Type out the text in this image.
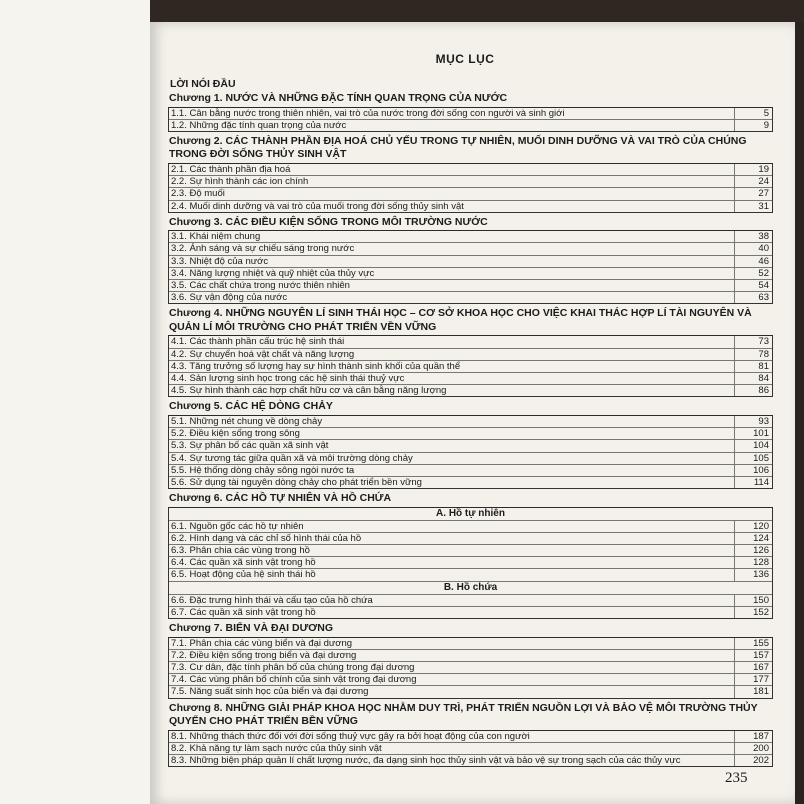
MỤC LỤC
LỜI NÓI ĐẦU
Chương 1. NƯỚC VÀ NHỮNG ĐẶC TÍNH QUAN TRỌNG CỦA NƯỚC
1.1. Cân bằng nước trong thiên nhiên, vai trò của nước trong đời sống con người và sinh giới	5
1.2. Những đặc tính quan trọng của nước	9
Chương 2. CÁC THÀNH PHẦN ĐỊA HOÁ CHỦ YẾU TRONG TỰ NHIÊN, MUỐI DINH DƯỠNG VÀ VAI TRÒ CỦA CHÚNG TRONG ĐỜI SỐNG THỦY SINH VẬT
2.1. Các thành phần địa hoá	19
2.2. Sự hình thành các ion chính	24
2.3. Độ muối	27
2.4. Muối dinh dưỡng và vai trò của muối trong đời sống thủy sinh vật	31
Chương 3. CÁC ĐIỀU KIỆN SỐNG TRONG MÔI TRƯỜNG NƯỚC
3.1. Khái niệm chung	38
3.2. Ánh sáng và sự chiếu sáng trong nước	40
3.3. Nhiệt độ của nước	46
3.4. Năng lượng nhiệt và quỹ nhiệt của thủy vực	52
3.5. Các chất chứa trong nước thiên nhiên	54
3.6. Sự vận động của nước	63
Chương 4. NHỮNG NGUYÊN LÍ SINH THÁI HỌC – CƠ SỞ KHOA HỌC CHO VIỆC KHAI THÁC HỢP LÍ TÀI NGUYÊN VÀ QUẢN LÍ MÔI TRƯỜNG CHO PHÁT TRIỂN VỀN VỮNG
4.1. Các thành phần cấu trúc hệ sinh thái	73
4.2. Sự chuyển hoá vật chất và năng lượng	78
4.3. Tăng trưởng số lượng hay sự hình thành sinh khối của quần thể	81
4.4. Sản lượng sinh học trong các hệ sinh thái thuỷ vực	84
4.5. Sự hình thành các hợp chất hữu cơ và cân bằng năng lượng	86
Chương 5. CÁC HỆ DÒNG CHẢY
5.1. Những nét chung về dòng chảy	93
5.2. Điều kiện sống trong sông	101
5.3. Sự phân bố các quần xã sinh vật	104
5.4. Sự tương tác giữa quần xã và môi trường dòng chảy	105
5.5. Hệ thống dòng chảy sông ngòi nước ta	106
5.6. Sử dụng tài nguyên dòng chảy cho phát triển bền vững	114
Chương 6. CÁC HỒ TỰ NHIÊN VÀ HỒ CHỨA
A. Hồ tự nhiên
6.1. Nguồn gốc các hồ tự nhiên	120
6.2. Hình dạng và các chỉ số hình thái của hồ	124
6.3. Phân chia các vùng trong hồ	126
6.4. Các quần xã sinh vật trong hồ	128
6.5. Hoạt động của hệ sinh thái hồ	136
B. Hồ chứa
6.6. Đặc trưng hình thái và cấu tạo của hồ chứa	150
6.7. Các quần xã sinh vật trong hồ	152
Chương 7. BIỂN VÀ ĐẠI DƯƠNG
7.1. Phân chia các vùng biển và đại dương	155
7.2. Điều kiện sống trong biển và đại dương	157
7.3. Cư dân, đặc tính phân bố của chúng trong đại dương	167
7.4. Các vùng phân bố chính của sinh vật trong đại dương	177
7.5. Năng suất sinh học của biển và đại dương	181
Chương 8. NHỮNG GIẢI PHÁP KHOA HỌC NHẰM DUY TRÌ, PHÁT TRIỂN NGUỒN LỢI VÀ BẢO VỆ MÔI TRƯỜNG THỦY QUYỂN CHO PHÁT TRIỂN BỀN VỮNG
8.1. Những thách thức đối với đời sống thuỷ vực gây ra bởi hoạt động của con người	187
8.2. Khả năng tự làm sạch nước của thủy sinh vật	200
8.3. Những biện pháp quản lí chất lượng nước, đa dạng sinh học thủy sinh vật và bảo vệ sự trong sạch của các thủy vực	202
235
